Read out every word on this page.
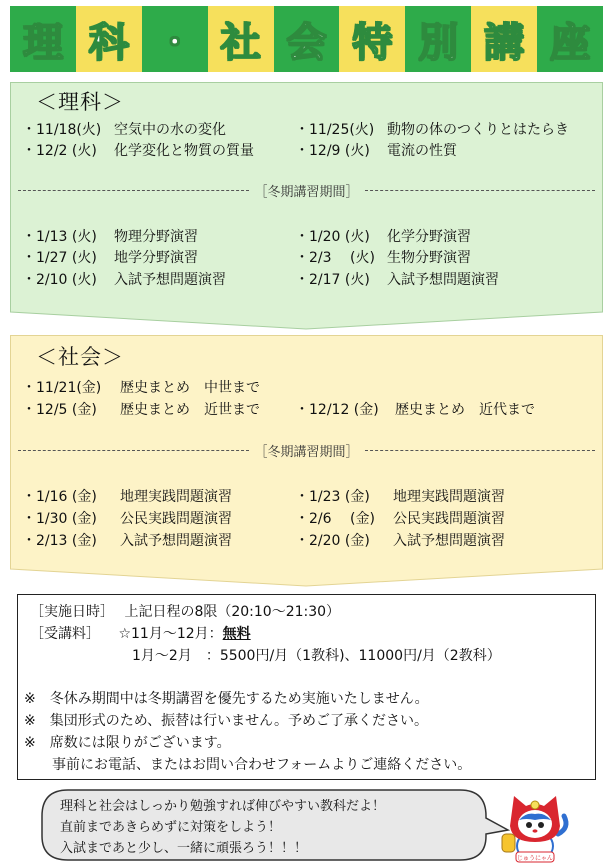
理 科 ・ 社 会 特 別 講 座
＜理科＞
・11/18(火) 空気中の水の変化	・11/25(火) 動物の体のつくりとはたらき
・12/2 (火) 化学変化と物質の質量	・12/9 (火) 電流の性質
［冬期講習期間］
・1/13 (火) 物理分野演習	・1/20 (火) 化学分野演習
・1/27 (火) 地学分野演習	・2/3 　(火) 生物分野演習
・2/10 (火) 入試予想問題演習	・2/17 (火) 入試予想問題演習
＜社会＞
・11/21(金) 歴史まとめ　中世まで
・12/5 (金) 歴史まとめ　近世まで	・12/12 (金) 歴史まとめ　近代まで
［冬期講習期間］
・1/16 (金) 地理実践問題演習	・1/23 (金) 地理実践問題演習
・1/30 (金) 公民実践問題演習	・2/6 　(金) 公民実践問題演習
・2/13 (金) 入試予想問題演習	・2/20 (金) 入試予想問題演習
［実施日時］ 上記日程の8限（20:10〜21:30）
［受講料］ ☆11月〜12月：無料
1月〜2月　：5500円/月（1教科)、11000円/月（2教科）
※　冬休み期間中は冬期講習を優先するため実施いたしません。
※　集団形式のため、振替は行いません。予めご了承ください。
※　席数には限りがございます。
事前にお電話、またはお問い合わせフォームよりご連絡ください。
理科と社会はしっかり勉強すれば伸びやすい教科だよ！
直前まであきらめずに対策をしよう！
入試まであと少し、一緒に頑張ろう！！！
じゅうにゃん
